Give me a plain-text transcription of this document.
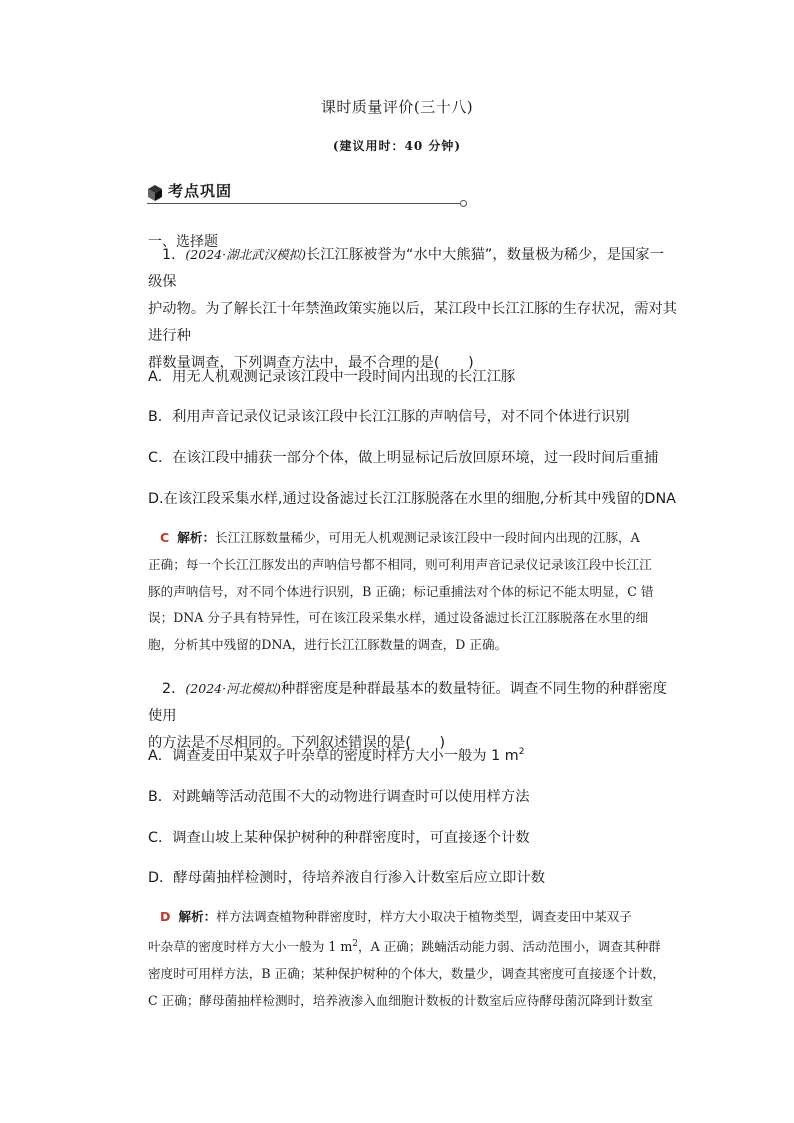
课时质量评价(三十八)
(建议用时：40 分钟)
考点巩固
一、选择题
1．(2024·湖北武汉模拟)长江江豚被誉为“水中大熊猫”，数量极为稀少，是国家一级保
护动物。为了解长江十年禁渔政策实施以后，某江段中长江江豚的生存状况，需对其进行种
群数量调查，下列调查方法中，最不合理的是(　　)
A．用无人机观测记录该江段中一段时间内出现的长江江豚
B．利用声音记录仪记录该江段中长江江豚的声呐信号，对不同个体进行识别
C．在该江段中捕获一部分个体，做上明显标记后放回原环境，过一段时间后重捕
D.在该江段采集水样,通过设备滤过长江江豚脱落在水里的细胞,分析其中残留的DNA
C 解析：长江江豚数量稀少，可用无人机观测记录该江段中一段时间内出现的江豚，A
正确；每一个长江江豚发出的声呐信号都不相同，则可利用声音记录仪记录该江段中长江江
豚的声呐信号，对不同个体进行识别，B 正确；标记重捕法对个体的标记不能太明显，C 错
误；DNA 分子具有特异性，可在该江段采集水样，通过设备滤过长江江豚脱落在水里的细
胞，分析其中残留的DNA，进行长江江豚数量的调查，D 正确。
2．(2024·河北模拟)种群密度是种群最基本的数量特征。调查不同生物的种群密度使用
的方法是不尽相同的。下列叙述错误的是(　　)
A．调查麦田中某双子叶杂草的密度时样方大小一般为 1 $m^2$
B．对跳蝻等活动范围不大的动物进行调查时可以使用样方法
C．调查山坡上某种保护树种的种群密度时，可直接逐个计数
D．酵母菌抽样检测时，待培养液自行渗入计数室后应立即计数
D 解析：样方法调查植物种群密度时，样方大小取决于植物类型，调查麦田中某双子
叶杂草的密度时样方大小一般为 1 $m^2$，A 正确；跳蝻活动能力弱、活动范围小，调查其种群
密度时可用样方法，B 正确；某种保护树种的个体大，数量少，调查其密度可直接逐个计数，
C 正确；酵母菌抽样检测时，培养液渗入血细胞计数板的计数室后应待酵母菌沉降到计数室
